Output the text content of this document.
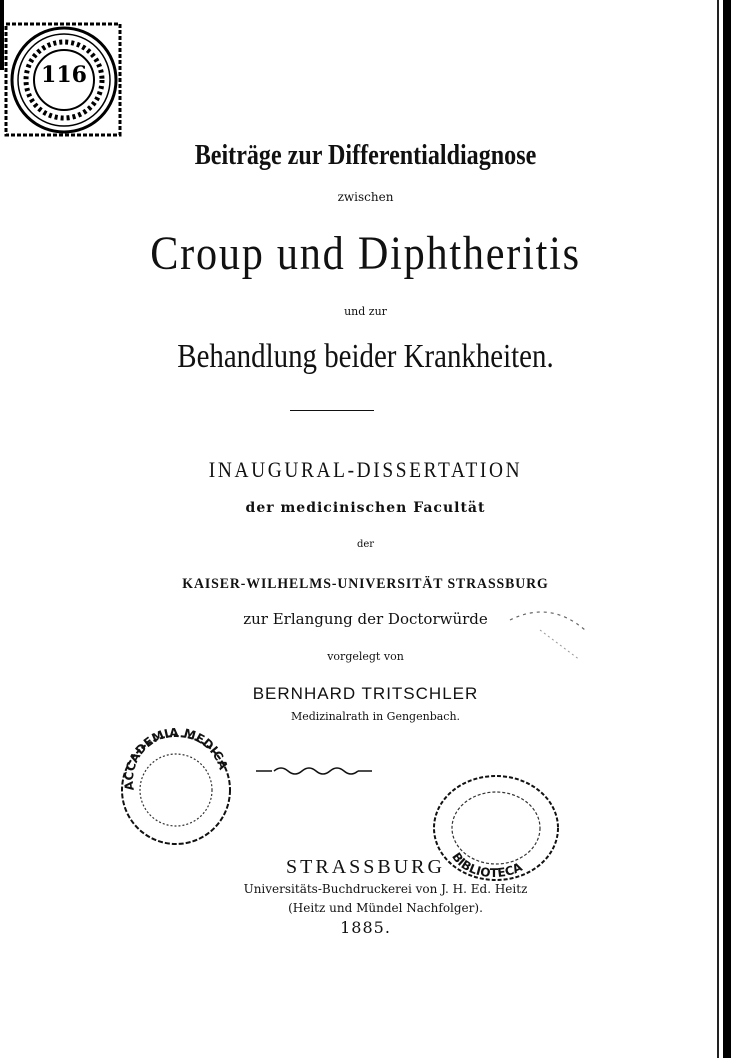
116
Beiträge zur Differentialdiagnose
zwischen
Croup und Diphtheritis
und zur
Behandlung beider Krankheiten.
INAUGURAL-DISSERTATION
der medicinischen Facultät
der
KAISER-WILHELMS-UNIVERSITÄT STRASSBURG
zur Erlangung der Doctorwürde
vorgelegt von
BERNHARD TRITSCHLER
Medizinalrath in Gengenbach.
ACCADEMIA MEDICA
BIBLIOTECA
STRASSBURG
Universitäts-Buchdruckerei von J. H. Ed. Heitz
(Heitz und Mündel Nachfolger).
1885.
